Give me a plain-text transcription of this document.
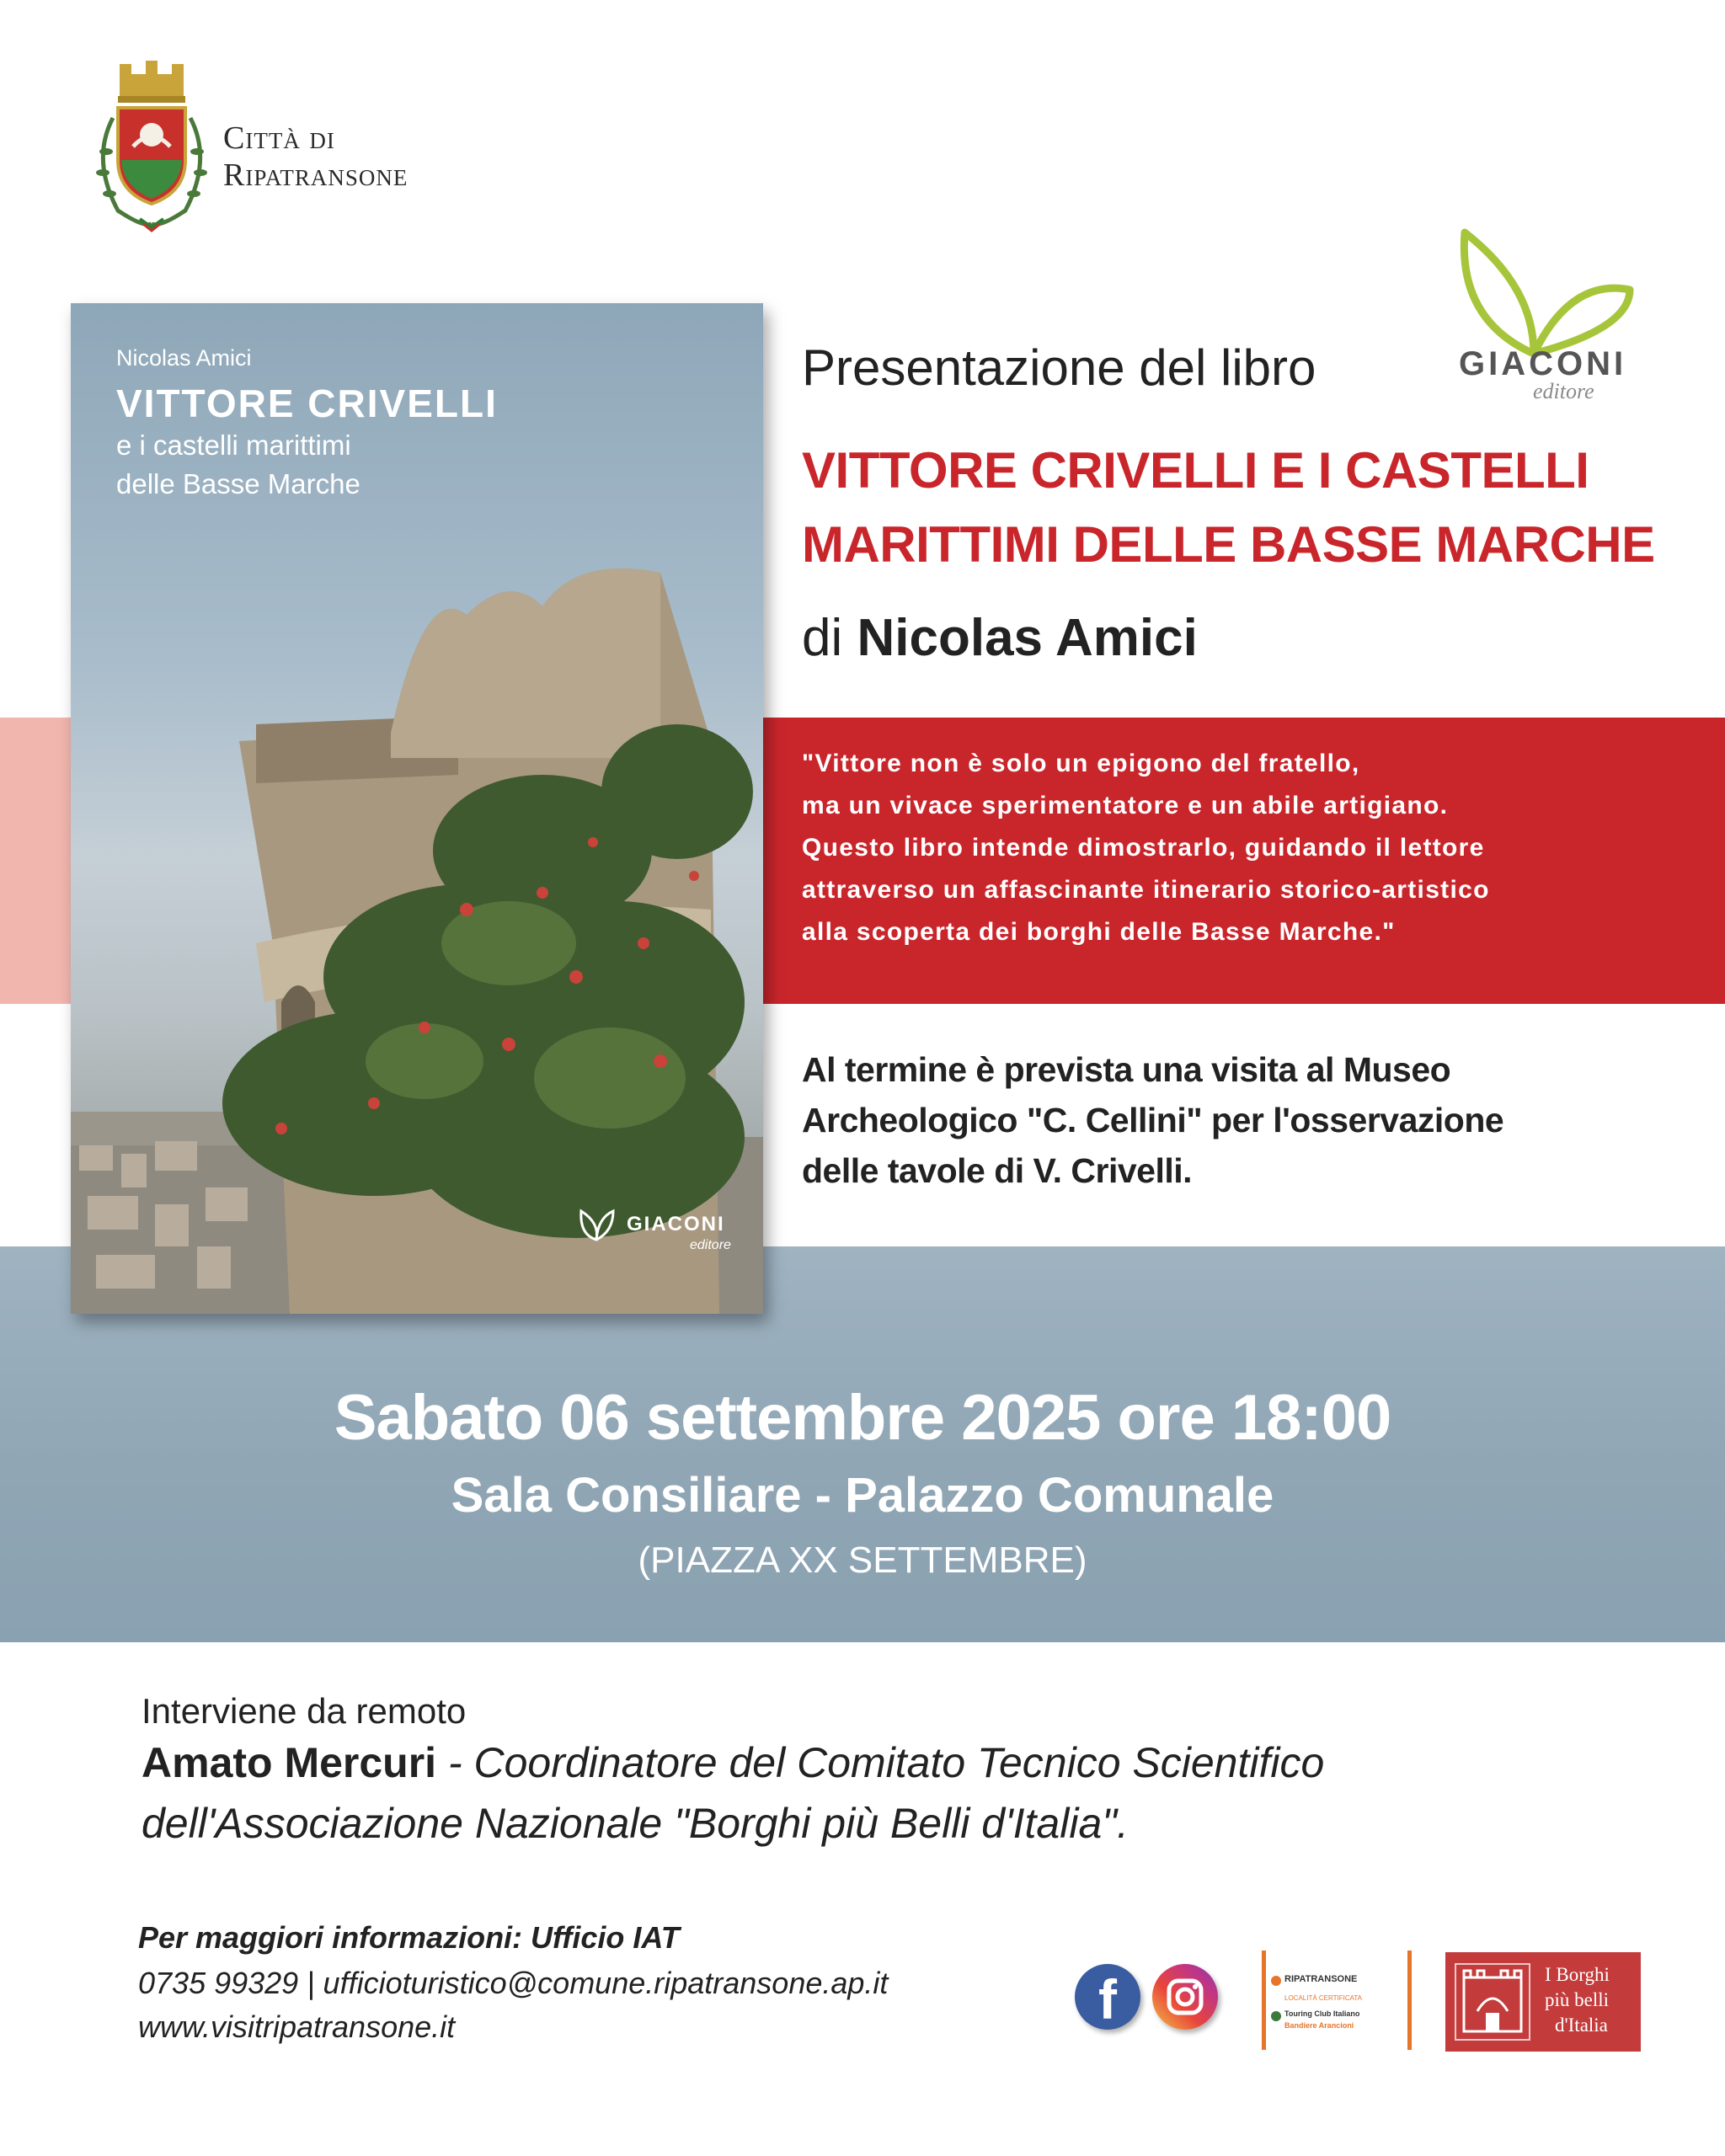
Città di
Ripatransone
Nicolas Amici
VITTORE CRIVELLI
e i castelli marittimi
delle Basse Marche
GIACONI
editore
Presentazione del libro	GIACONI
editore
VITTORE CRIVELLI E I CASTELLI
MARITTIMI DELLE BASSE MARCHE
di Nicolas Amici
"Vittore non è solo un epigono del fratello,
ma un vivace sperimentatore e un abile artigiano.
Questo libro intende dimostrarlo, guidando il lettore
attraverso un affascinante itinerario storico-artistico
alla scoperta dei borghi delle Basse Marche."
Al termine è prevista una visita al Museo
Archeologico "C. Cellini" per l'osservazione
delle tavole di V. Crivelli.
Sabato 06 settembre 2025 ore 18:00
Sala Consiliare - Palazzo Comunale
(PIAZZA XX SETTEMBRE)
Interviene da remoto
Amato Mercuri - Coordinatore del Comitato Tecnico Scientifico
dell'Associazione Nazionale "Borghi più Belli d'Italia".
Per maggiori informazioni: Ufficio IAT
0735 99329 | ufficioturistico@comune.ripatransone.ap.it
www.visitripatransone.it	f	RIPATRANSONE
LOCALITÀ CERTIFICATA
Touring Club Italiano
Bandiere Arancioni
I Borghi
più belli
d'Italia
